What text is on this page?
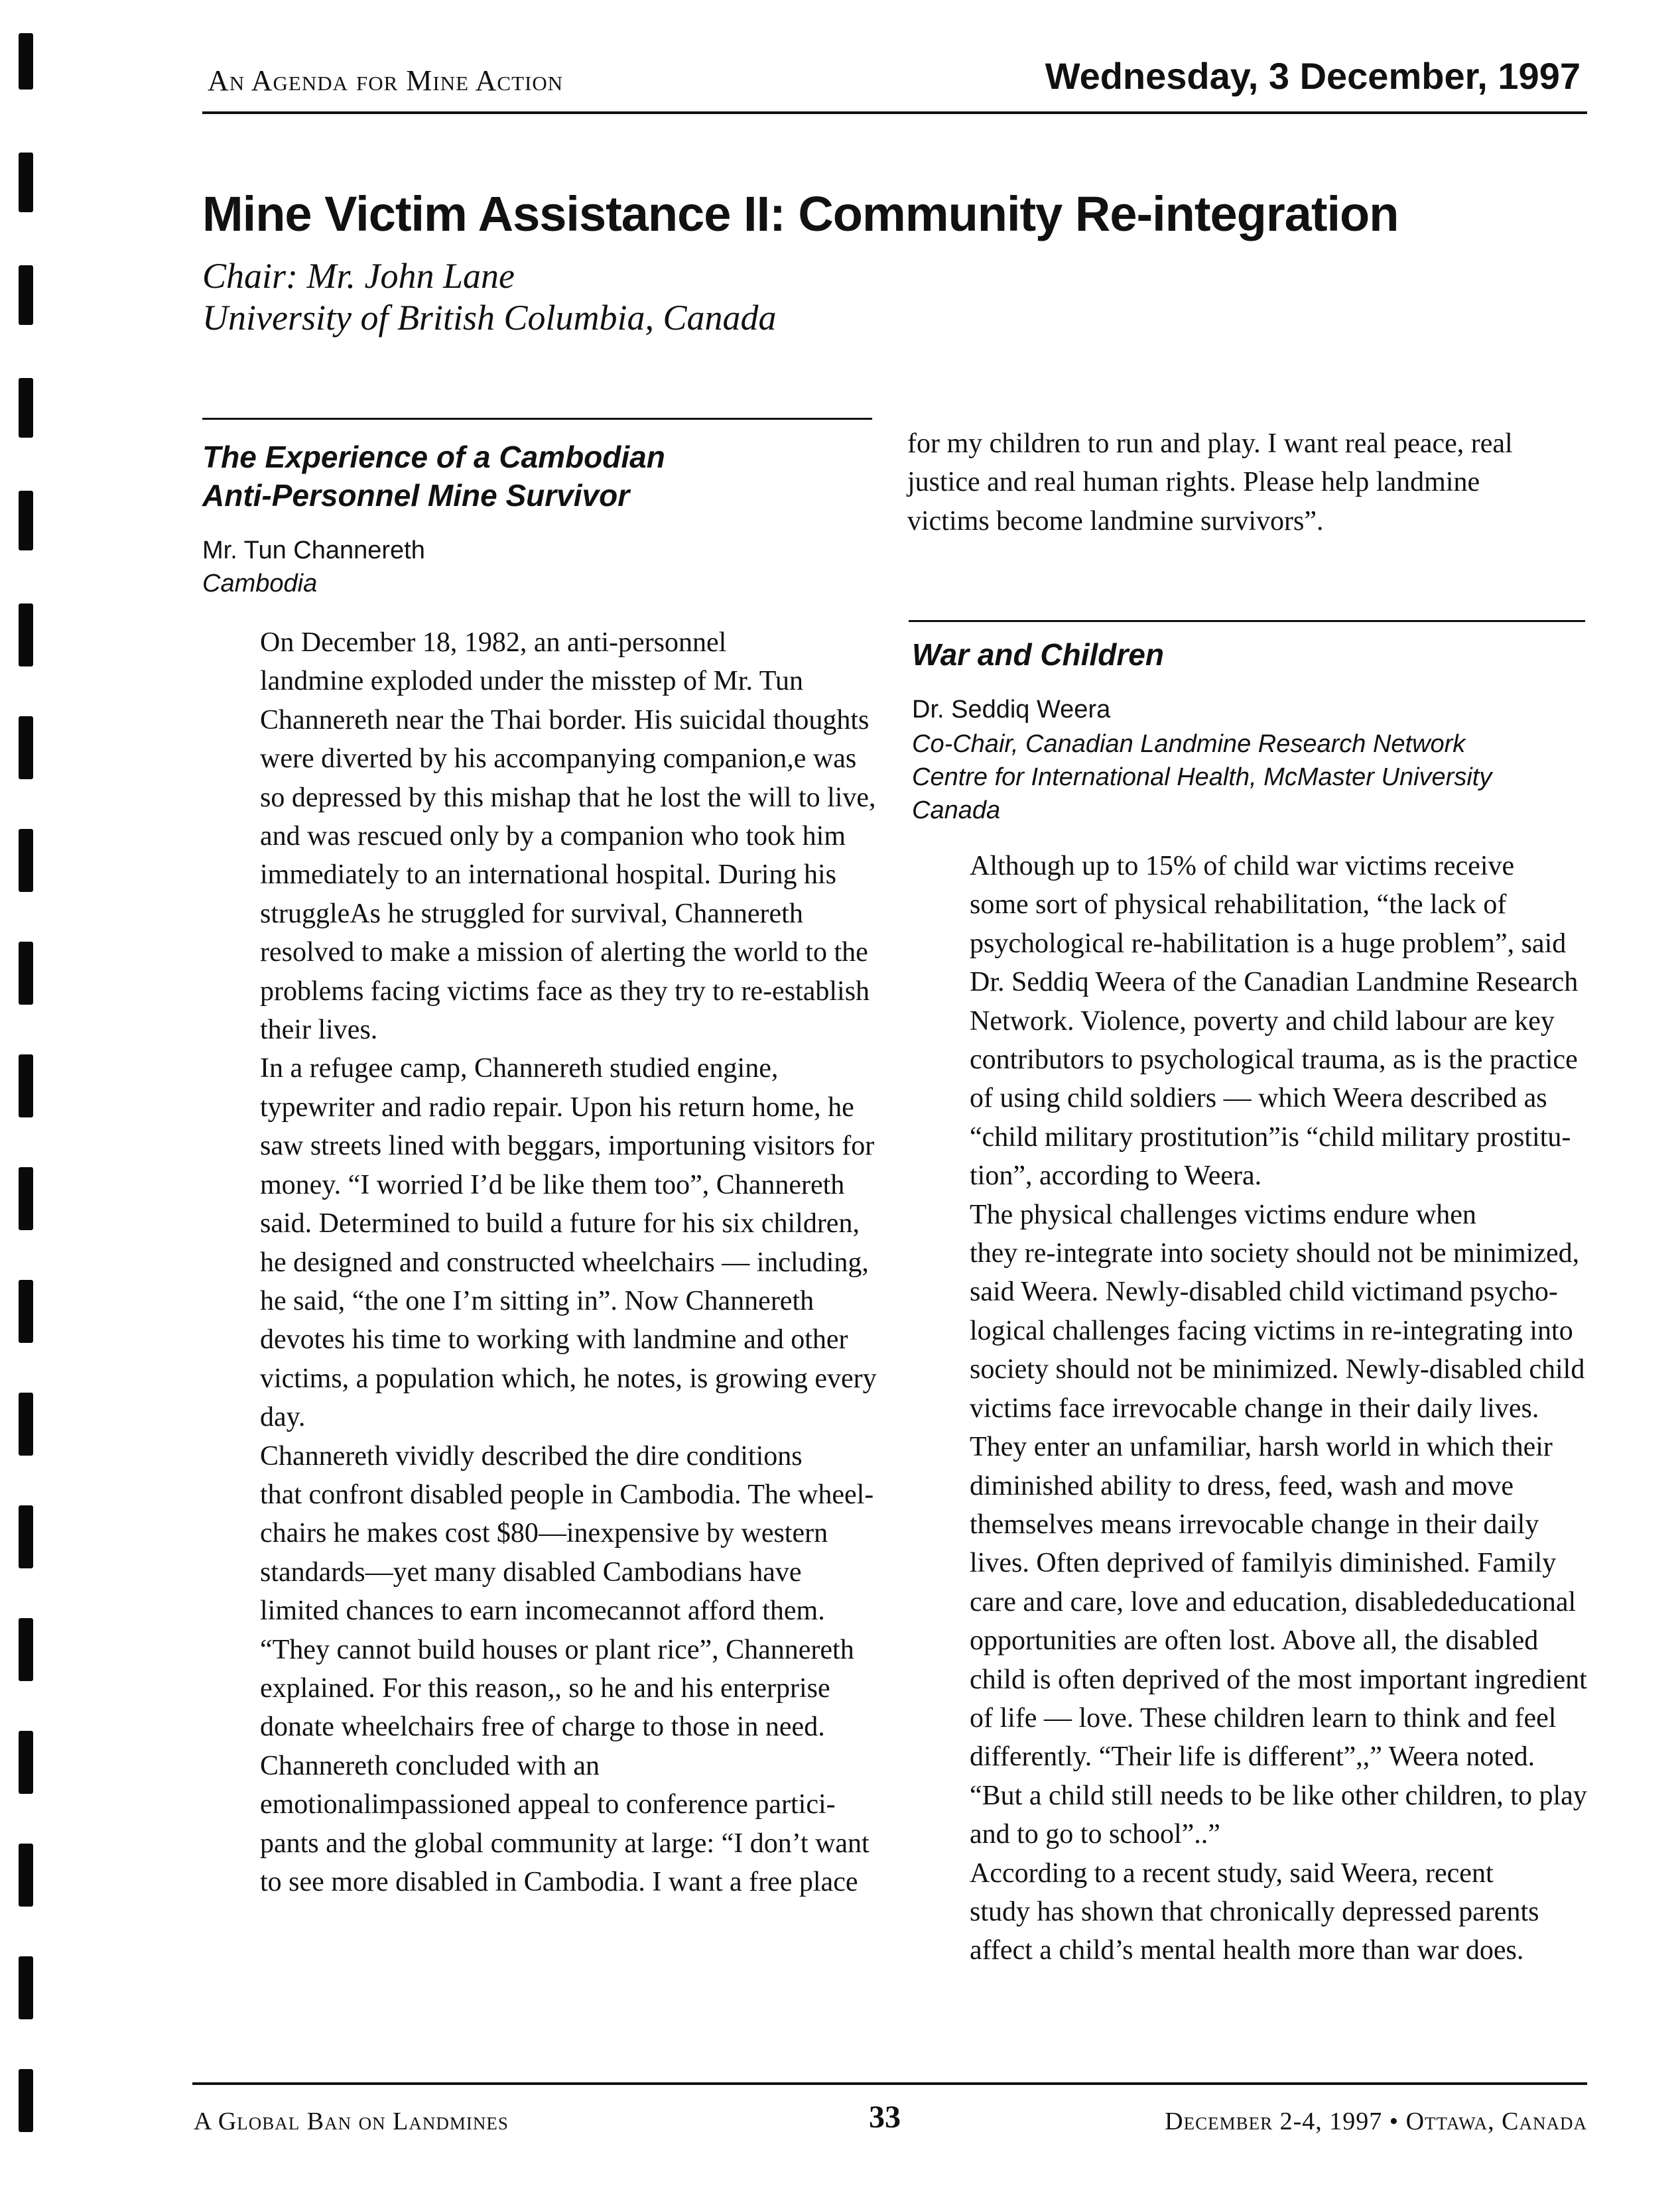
An Agenda for Mine Action	Wednesday, 3 December, 1997
Mine Victim Assistance II: Community Re-integration
Chair: Mr. John Lane
University of British Columbia, Canada
The Experience of a Cambodian
Anti-Personnel Mine Survivor
Mr. Tun Channereth
Cambodia

On December 18, 1982, an anti-personnel
landmine exploded under the misstep of Mr. Tun
Channereth near the Thai border. His suicidal thoughts
were diverted by his accompanying companion,e was
so depressed by this mishap that he lost the will to live,
and was rescued only by a companion who took him
immediately to an international hospital. During his
struggleAs he struggled for survival, Channereth
resolved to make a mission of alerting the world to the
problems facing victims face as they try to re-establish
their lives.

In a refugee camp, Channereth studied engine,
typewriter and radio repair. Upon his return home, he
saw streets lined with beggars, importuning visitors for
money. “I worried I’d be like them too”, Channereth
said. Determined to build a future for his six children,
he designed and constructed wheelchairs — including,
he said, “the one I’m sitting in”. Now Channereth
devotes his time to working with landmine and other
victims, a population which, he notes, is growing every
day.

Channereth vividly described the dire conditions
that confront disabled people in Cambodia. The wheel-
chairs he makes cost $80—inexpensive by western
standards—yet many disabled Cambodians have
limited chances to earn incomecannot afford them.
“They cannot build houses or plant rice”, Channereth
explained. For this reason,, so he and his enterprise
donate wheelchairs free of charge to those in need.

Channereth concluded with an
emotionalimpassioned appeal to conference partici-
pants and the global community at large: “I don’t want
to see more disabled in Cambodia. I want a free place

for my children to run and play. I want real peace, real
justice and real human rights. Please help landmine
victims become landmine survivors”.

War and Children
Dr. Seddiq Weera
Co-Chair, Canadian Landmine Research Network
Centre for International Health, McMaster University
Canada

Although up to 15% of child war victims receive
some sort of physical rehabilitation, “the lack of
psychological re-habilitation is a huge problem”, said
Dr. Seddiq Weera of the Canadian Landmine Research
Network. Violence, poverty and child labour are key
contributors to psychological trauma, as is the practice
of using child soldiers — which Weera described as
“child military prostitution”is “child military prostitu-
tion”, according to Weera.

The physical challenges victims endure when
they re-integrate into society should not be minimized,
said Weera. Newly-disabled child victimand psycho-
logical challenges facing victims in re-integrating into
society should not be minimized. Newly-disabled child
victims face irrevocable change in their daily lives.
They enter an unfamiliar, harsh world in which their
diminished ability to dress, feed, wash and move
themselves means irrevocable change in their daily
lives. Often deprived of familyis diminished. Family
care and care, love and education, disablededucational
opportunities are often lost. Above all, the disabled
child is often deprived of the most important ingredient
of life — love. These children learn to think and feel
differently. “Their life is different”,,” Weera noted.
“But a child still needs to be like other children, to play
and to go to school”..”

According to a recent study, said Weera, recent
study has shown that chronically depressed parents
affect a child’s mental health more than war does.

A Global Ban on Landmines	33	December 2-4, 1997 • Ottawa, Canada
